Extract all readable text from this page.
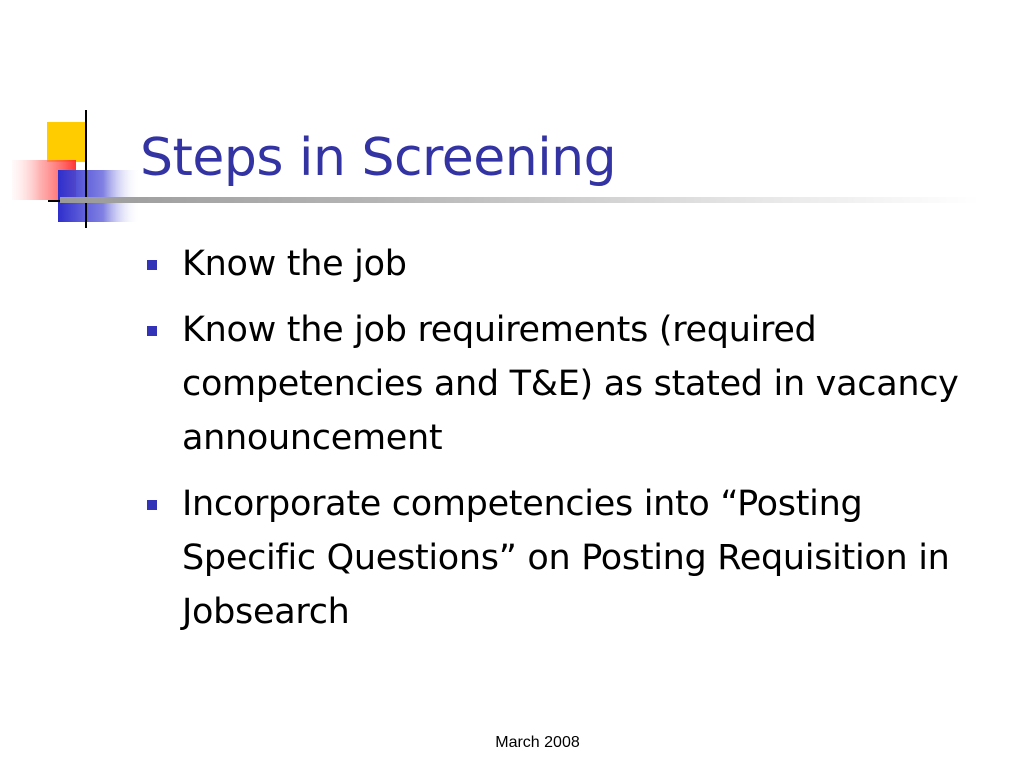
Steps in Screening
Know the job
Know the job requirements (required competencies and T&E) as stated in vacancy announcement
Incorporate competencies into “Posting Specific Questions” on Posting Requisition in Jobsearch
March 2008
